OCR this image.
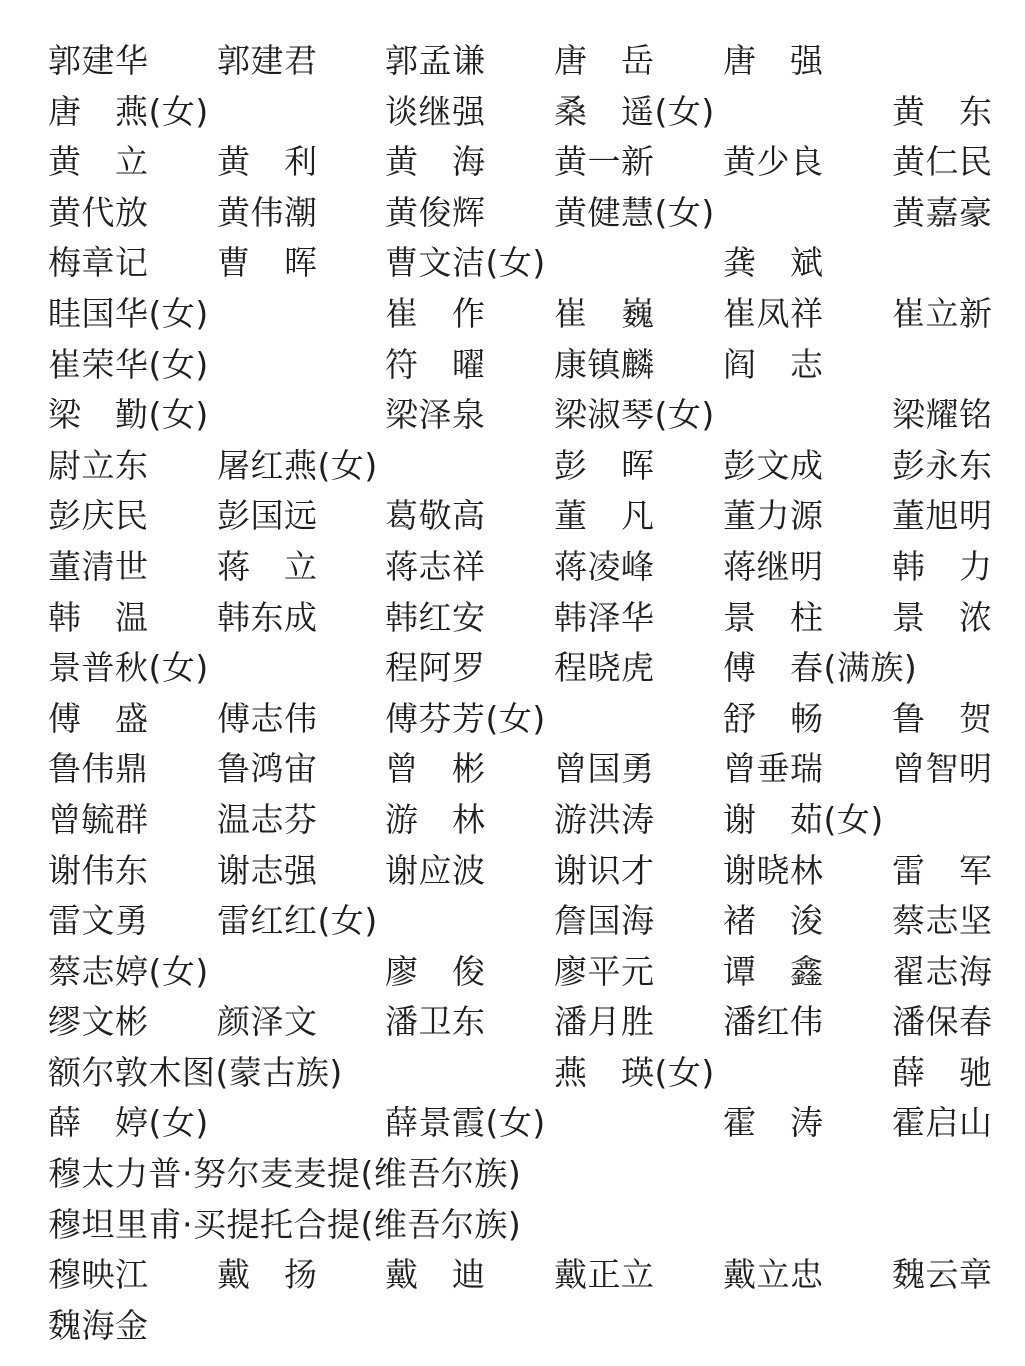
郭建华 郭建君 郭孟谦 唐　岳 唐　强
唐　燕(女)	谈继强 桑　遥(女)	黄　东
黄　立 黄　利 黄　海 黄一新 黄少良 黄仁民
黄代放 黄伟潮 黄俊辉 黄健慧(女)	黄嘉豪
梅章记 曹　晖 曹文洁(女)	龚　斌
眭国华(女)	崔　作 崔　巍 崔凤祥 崔立新
崔荣华(女)	符　曜 康镇麟 阎　志
梁　勤(女)	梁泽泉 梁淑琴(女)	梁耀铭
尉立东 屠红燕(女)	彭　晖 彭文成 彭永东
彭庆民 彭国远 葛敬高 董　凡 董力源 董旭明
董清世 蒋　立 蒋志祥 蒋凌峰 蒋继明 韩　力
韩　温 韩东成 韩红安 韩泽华 景　柱 景　浓
景普秋(女)	程阿罗 程晓虎 傅　春(满族)
傅　盛 傅志伟 傅芬芳(女)	舒　畅 鲁　贺
鲁伟鼎 鲁鸿宙 曾　彬 曾国勇 曾垂瑞 曾智明
曾毓群 温志芬 游　林 游洪涛 谢　茹(女)
谢伟东 谢志强 谢应波 谢识才 谢晓林 雷　军
雷文勇 雷红红(女)	詹国海 褚　浚 蔡志坚
蔡志婷(女)	廖　俊 廖平元 谭　鑫 翟志海
缪文彬 颜泽文 潘卫东 潘月胜 潘红伟 潘保春
额尔敦木图(蒙古族)	燕　瑛(女)	薛　驰
薛　婷(女)	薛景霞(女)	霍　涛 霍启山
穆太力普·努尔麦麦提(维吾尔族)
穆坦里甫·买提托合提(维吾尔族)
穆映江 戴　扬 戴　迪 戴正立 戴立忠 魏云章
魏海金
